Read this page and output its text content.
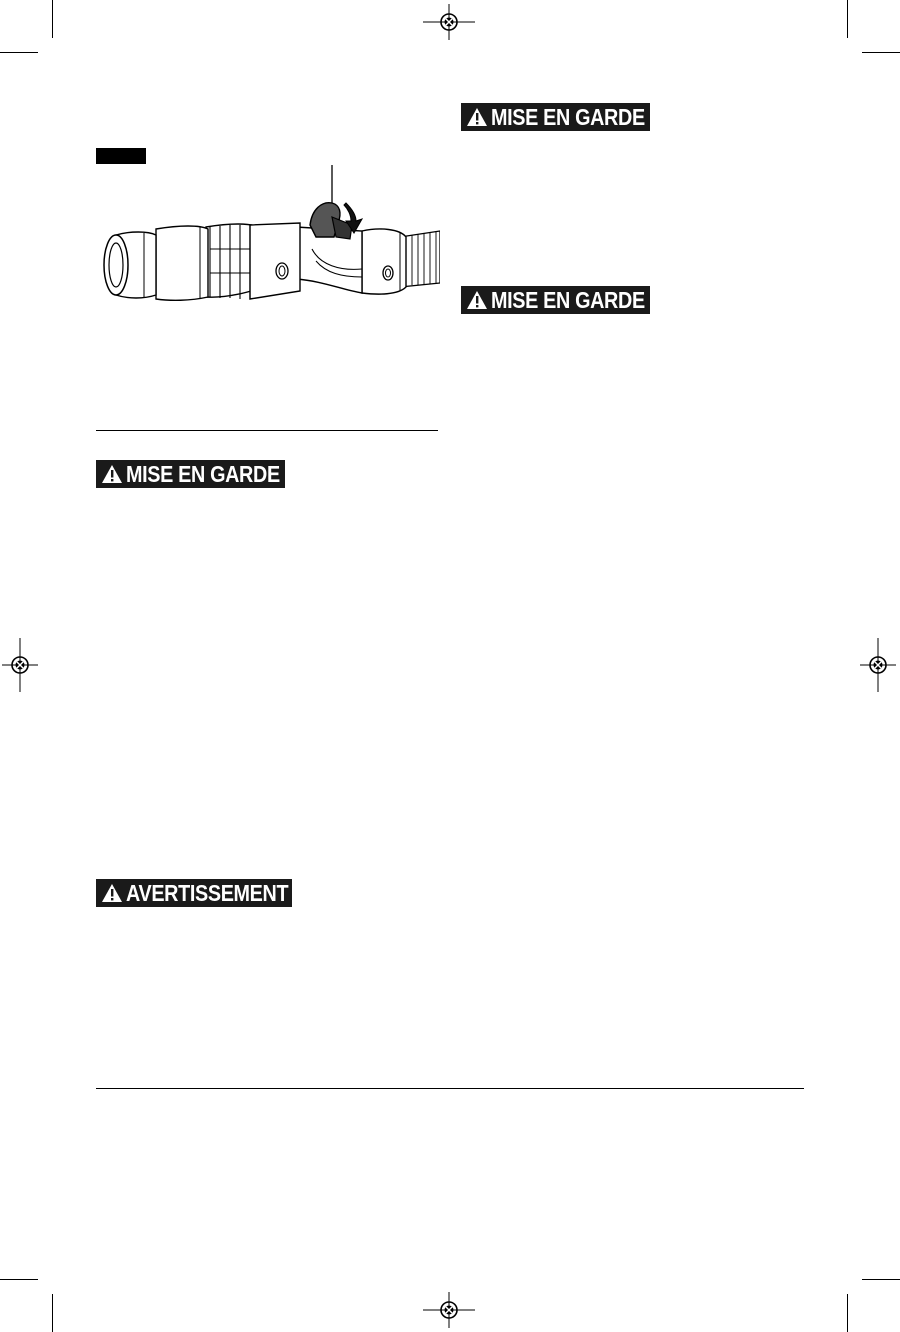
MISE EN GARDE
MISE EN GARDE
MISE EN GARDE
AVERTISSEMENT
